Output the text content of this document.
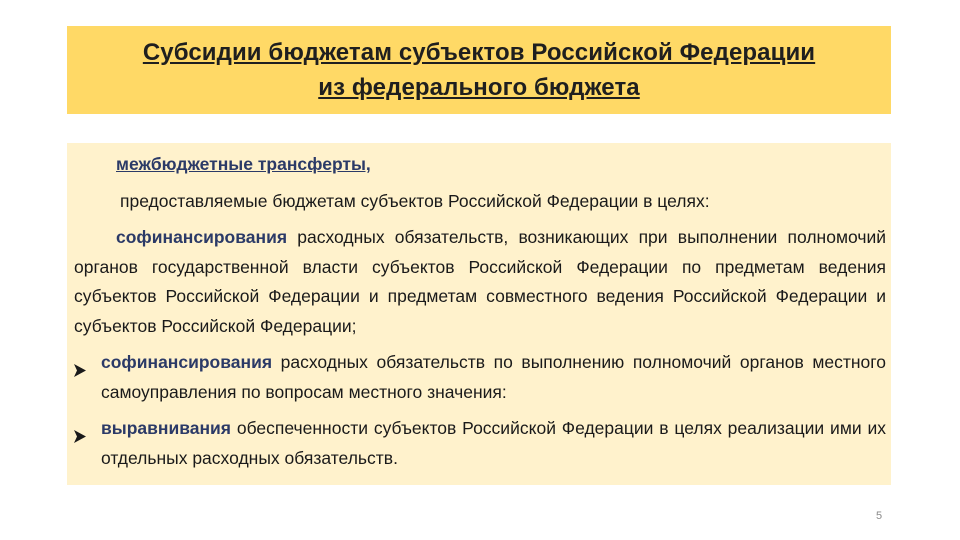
Субсидии бюджетам субъектов Российской Федерации
из федерального бюджета

межбюджетные трансферты,

предоставляемые бюджетам субъектов Российской Федерации в целях:

софинансирования расходных обязательств, возникающих при выполнении полномочий органов государственной власти субъектов Российской Федерации по предметам ведения субъектов Российской Федерации и предметам совместного ведения Российской Федерации и субъектов Российской Федерации;

софинансирования расходных обязательств по выполнению полномочий органов местного самоуправления по вопросам местного значения:
выравнивания обеспеченности субъектов Российской Федерации в целях реализации ими их отдельных расходных обязательств.
5
